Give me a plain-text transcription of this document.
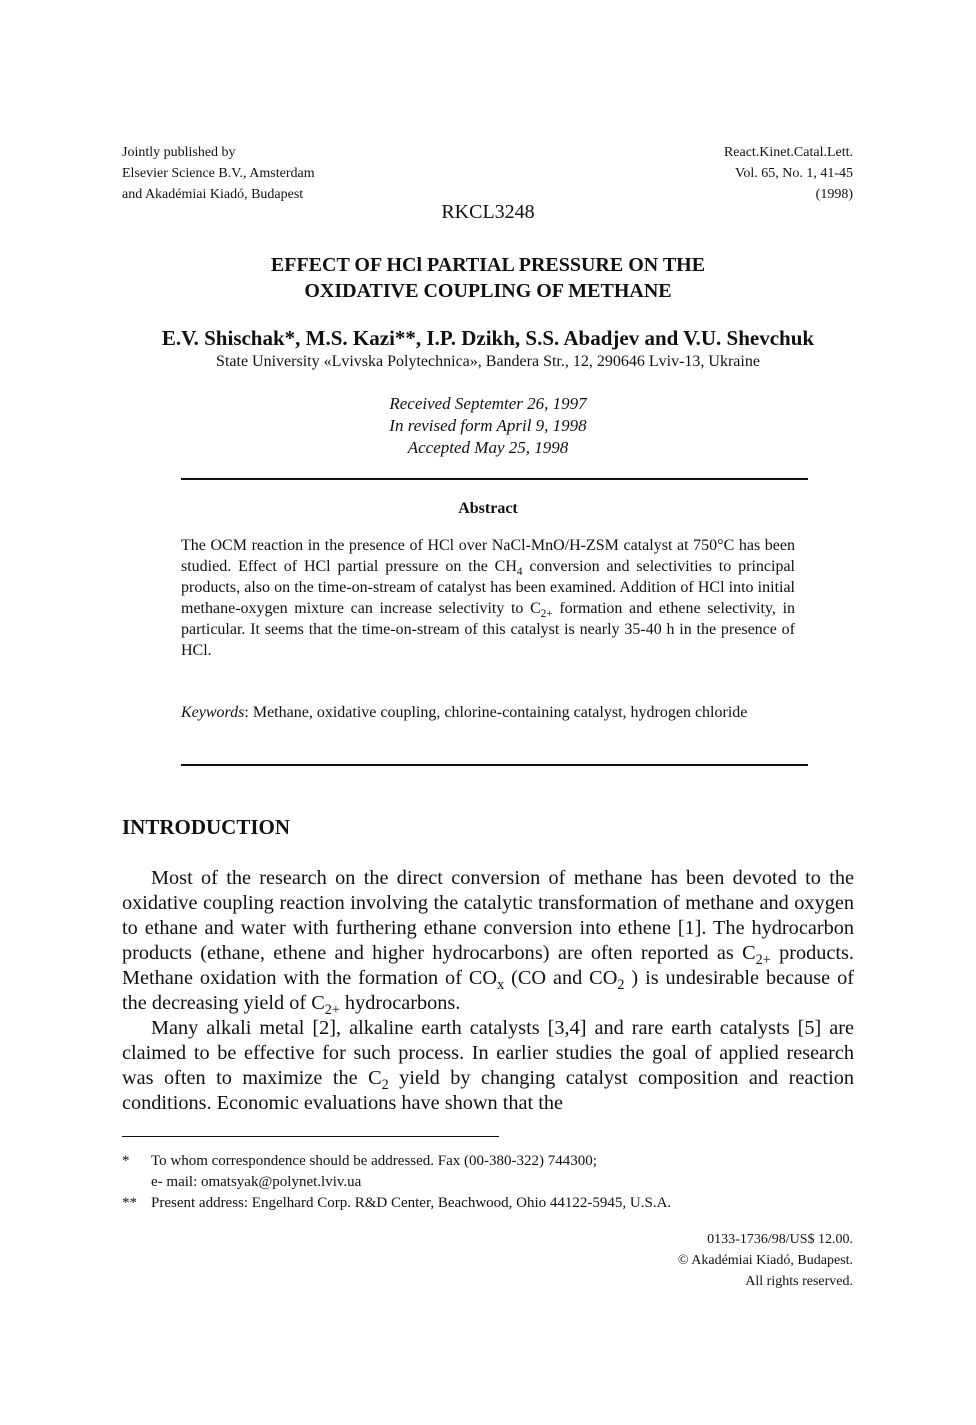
Jointly published by
Elsevier Science B.V., Amsterdam
and Akadémiai Kiadó, Budapest
React.Kinet.Catal.Lett.
Vol. 65, No. 1, 41-45
(1998)
RKCL3248
EFFECT OF HCl PARTIAL PRESSURE ON THE
OXIDATIVE COUPLING OF METHANE
E.V. Shischak*, M.S. Kazi**, I.P. Dzikh, S.S. Abadjev and V.U. Shevchuk
State University «Lvivska Polytechnica», Bandera Str., 12, 290646 Lviv-13, Ukraine
Received Septemter 26, 1997
In revised form April 9, 1998
Accepted May 25, 1998
Abstract
The OCM reaction in the presence of HCl over NaCl-MnO/H-ZSM catalyst at 750°C has been studied. Effect of HCl partial pressure on the $CH_4$ conversion and selectivities to principal products, also on the time-on-stream of catalyst has been examined. Addition of HCl into initial methane-oxygen mixture can increase selectivity to $C_{2+}$ formation and ethene selectivity, in particular. It seems that the time-on-stream of this catalyst is nearly 35-40 h in the presence of HCl.
Keywords: Methane, oxidative coupling, chlorine-containing catalyst, hydrogen chloride
INTRODUCTION

Most of the research on the direct conversion of methane has been devoted to the oxidative coupling reaction involving the catalytic transformation of methane and oxygen to ethane and water with furthering ethane conversion into ethene [1]. The hydrocarbon products (ethane, ethene and higher hydrocarbons) are often reported as $C_{2+}$ products. Methane oxidation with the formation of $CO_x$ (CO and $CO_2$ ) is undesirable because of the decreasing yield of $C_{2+}$ hydrocarbons.

Many alkali metal [2], alkaline earth catalysts [3,4] and rare earth catalysts [5] are claimed to be effective for such process. In earlier studies the goal of applied research was often to maximize the $C_2$ yield by changing catalyst composition and reaction conditions. Economic evaluations have shown that the

*	To whom correspondence should be addressed. Fax (00-380-322) 744300;
e- mail: omatsyak@polynet.lviv.ua
** Present address: Engelhard Corp. R&D Center, Beachwood, Ohio 44122-5945, U.S.A.
0133-1736/98/US$ 12.00.
© Akadémiai Kiadó, Budapest.
All rights reserved.
